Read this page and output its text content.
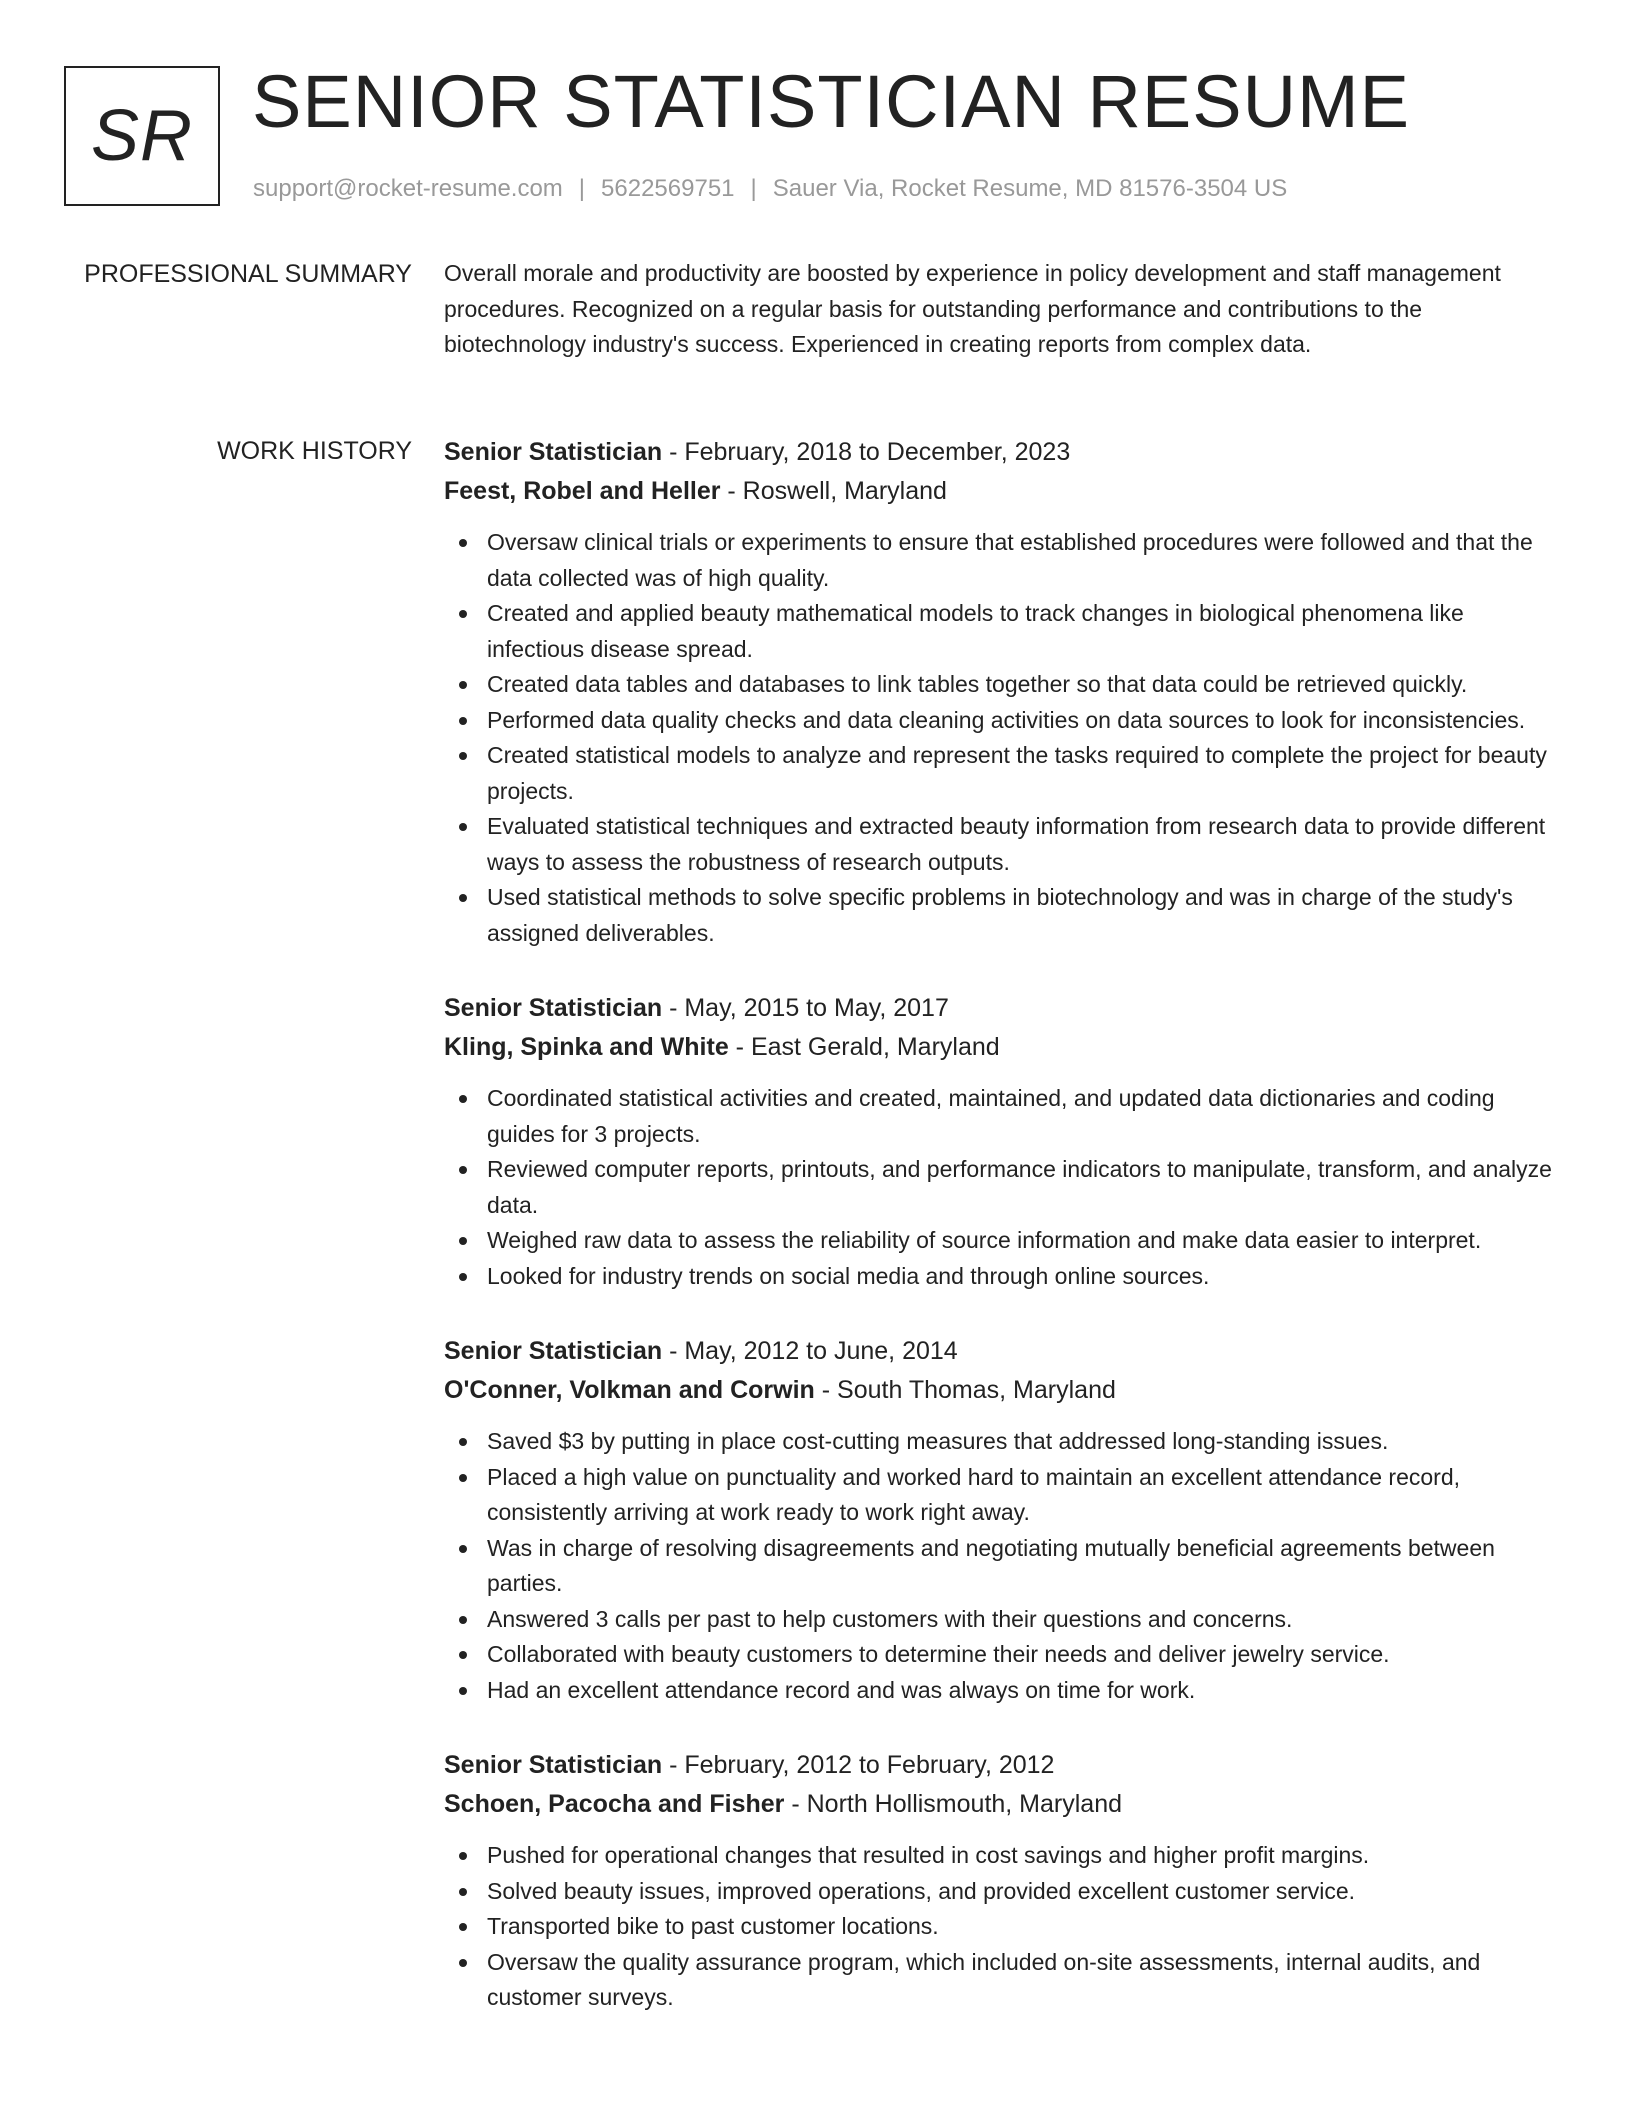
SR SENIOR STATISTICIAN RESUME
support@rocket-resume.com | 5622569751 | Sauer Via, Rocket Resume, MD 81576-3504 US
PROFESSIONAL SUMMARY Overall morale and productivity are boosted by experience in policy development and staff management procedures. Recognized on a regular basis for outstanding performance and contributions to the biotechnology industry's success. Experienced in creating reports from complex data.

WORK HISTORY Senior Statistician - February, 2018 to December, 2023
Feest, Robel and Heller - Roswell, Maryland
Oversaw clinical trials or experiments to ensure that established procedures were followed and that the data collected was of high quality.
Created and applied beauty mathematical models to track changes in biological phenomena like infectious disease spread.
Created data tables and databases to link tables together so that data could be retrieved quickly.
Performed data quality checks and data cleaning activities on data sources to look for inconsistencies.
Created statistical models to analyze and represent the tasks required to complete the project for beauty projects.
Evaluated statistical techniques and extracted beauty information from research data to provide different ways to assess the robustness of research outputs.
Used statistical methods to solve specific problems in biotechnology and was in charge of the study's assigned deliverables.
Senior Statistician - May, 2015 to May, 2017
Kling, Spinka and White - East Gerald, Maryland
Coordinated statistical activities and created, maintained, and updated data dictionaries and coding guides for 3 projects.
Reviewed computer reports, printouts, and performance indicators to manipulate, transform, and analyze data.
Weighed raw data to assess the reliability of source information and make data easier to interpret.
Looked for industry trends on social media and through online sources.
Senior Statistician - May, 2012 to June, 2014
O'Conner, Volkman and Corwin - South Thomas, Maryland
Saved $3 by putting in place cost-cutting measures that addressed long-standing issues.
Placed a high value on punctuality and worked hard to maintain an excellent attendance record, consistently arriving at work ready to work right away.
Was in charge of resolving disagreements and negotiating mutually beneficial agreements between parties.
Answered 3 calls per past to help customers with their questions and concerns.
Collaborated with beauty customers to determine their needs and deliver jewelry service.
Had an excellent attendance record and was always on time for work.
Senior Statistician - February, 2012 to February, 2012
Schoen, Pacocha and Fisher - North Hollismouth, Maryland
Pushed for operational changes that resulted in cost savings and higher profit margins.
Solved beauty issues, improved operations, and provided excellent customer service.
Transported bike to past customer locations.
Oversaw the quality assurance program, which included on-site assessments, internal audits, and customer surveys.
